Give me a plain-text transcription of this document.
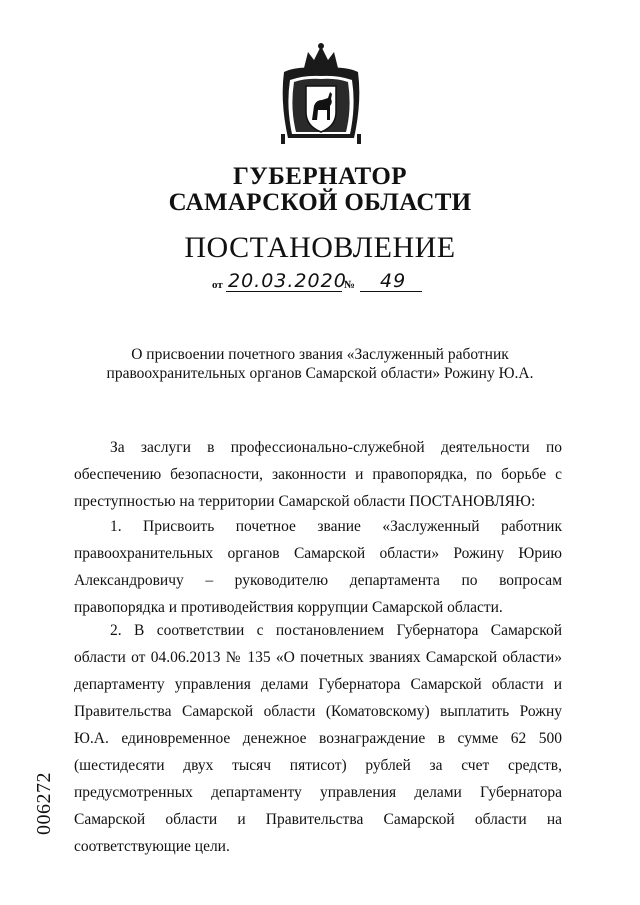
ГУБЕРНАТОР
САМАРСКОЙ ОБЛАСТИ
ПОСТАНОВЛЕНИЕ
от 20.03.2020
№ 49
О присвоении почетного звания «Заслуженный работник правоохранительных органов Самарской области» Рожину Ю.А.

За заслуги в профессионально-служебной деятельности по обеспечению безопасности, законности и правопорядка, по борьбе с преступностью на территории Самарской области ПОСТАНОВЛЯЮ:

1. Присвоить почетное звание «Заслуженный работник правоохранительных органов Самарской области» Рожину Юрию Александровичу – руководителю департамента по вопросам правопорядка и противодействия коррупции Самарской области.

2. В соответствии с постановлением Губернатора Самарской области от 04.06.2013 № 135 «О почетных званиях Самарской области» департаменту управления делами Губернатора Самарской области и Правительства Самарской области (Коматовскому) выплатить Рожну Ю.А. единовременное денежное вознаграждение в сумме 62 500 (шестидесяти двух тысяч пятисот) рублей за счет средств, предусмотренных департаменту управления делами Губернатора Самарской области и Правительства Самарской области на соответствующие цели.

006272
